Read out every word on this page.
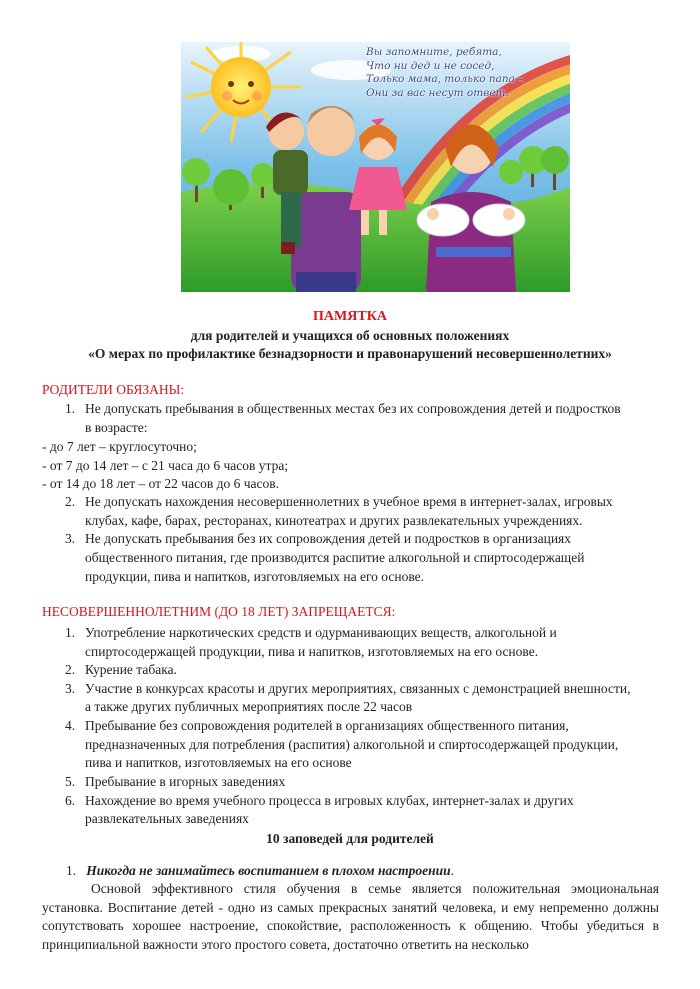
Вы запомните, ребята,
Что ни дед и не сосед,
Только мама, только папа –
Они за вас несут ответ.
ПАМЯТКА
для родителей и учащихся об основных положениях
«О мерах по профилактике безнадзорности и правонарушений несовершеннолетних»
РОДИТЕЛИ ОБЯЗАНЫ:
1. Не допускать пребывания в общественных местах без их сопровождения детей и подростков
в возрасте:
- до 7 лет – круглосуточно;
- от 7 до 14 лет – с 21 часа до 6 часов утра;
- от 14 до 18 лет – от 22 часов до 6 часов.
2. Не допускать нахождения несовершеннолетних в учебное время в интернет-залах, игровых
клубах, кафе, барах, ресторанах, кинотеатрах и других развлекательных учреждениях.
3. Не допускать пребывания без их сопровождения детей и подростков в организациях
общественного питания, где производится распитие алкогольной и спиртосодержащей
продукции, пива и напитков, изготовляемых на его основе.
НЕСОВЕРШЕННОЛЕТНИМ (ДО 18 ЛЕТ) ЗАПРЕЩАЕТСЯ:
1. Употребление наркотических средств и одурманивающих веществ, алкогольной и
спиртосодержащей продукции, пива и напитков, изготовляемых на его основе.
2. Курение табака.
3. Участие в конкурсах красоты и других мероприятиях, связанных с демонстрацией внешности,
а также других публичных мероприятиях после 22 часов
4. Пребывание без сопровождения родителей в организациях общественного питания,
предназначенных для потребления (распития) алкогольной и спиртосодержащей продукции,
пива и напитков, изготовляемых на его основе
5. Пребывание в игорных заведениях
6. Нахождение во время учебного процесса в игровых клубах, интернет-залах и других
развлекательных заведениях
10 заповедей для родителей
1. Никогда не занимайтесь воспитанием в плохом настроении.
Основой эффективного стиля обучения в семье является положительная эмоциональная установка. Воспитание детей - одно из самых прекрасных занятий человека, и ему непременно должны сопутствовать хорошее настроение, спокойствие, расположенность к общению. Чтобы убедиться в принципиальной важности этого простого совета, достаточно ответить на несколько
